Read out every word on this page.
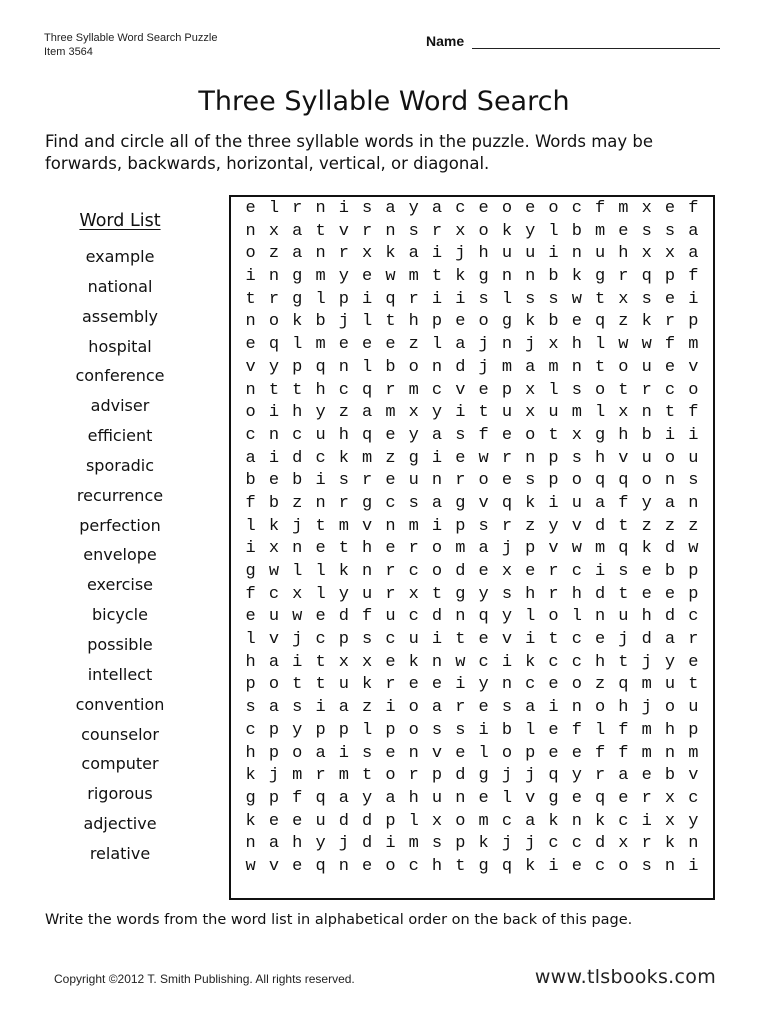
Three Syllable Word Search Puzzle
Item 3564
Name
Three Syllable Word Search
Find and circle all of the three syllable words in the puzzle. Words may be forwards, backwards, horizontal, vertical, or diagonal.
Word List
example
national
assembly
hospital
conference
adviser
efficient
sporadic
recurrence
perfection
envelope
exercise
bicycle
possible
intellect
convention
counselor
computer
rigorous
adjective
relative
e l r n i s a y a c e o e o c f m x e f
n x a t v r n s r x o k y l b m e s s a
o z a n r x k a i j h u u i n u h x x a
i n g m y e w m t k g n n b k g r q p f
t r g l p i q r i i s l s s w t x s e i
n o k b j l t h p e o g k b e q z k r p
e q l m e e e z l a j n j x h l w w f m
v y p q n l b o n d j m a m n t o u e v
n t t h c q r m c v e p x l s o t r c o
o i h y z a m x y i t u x u m l x n t f
c n c u h q e y a s f e o t x g h b i i
a i d c k m z g i e w r n p s h v u o u
b e b i s r e u n r o e s p o q q o n s
f b z n r g c s a g v q k i u a f y a n
l k j t m v n m i p s r z y v d t z z z
i x n e t h e r o m a j p v w m q k d w
g w l l k n r c o d e x e r c i s e b p
f c x l y u r x t g y s h r h d t e e p
e u w e d f u c d n q y l o l n u h d c
l v j c p s c u i t e v i t c e j d a r
h a i t x x e k n w c i k c c h t j y e
p o t t u k r e e i y n c e o z q m u t
s a s i a z i o a r e s a i n o h j o u
c p y p p l p o s s i b l e f l f m h p
h p o a i s e n v e l o p e e f f m n m
k j m r m t o r p d g j j q y r a e b v
g p f q a y a h u n e l v g e q e r x c
k e e u d d p l x o m c a k n k c i x y
n a h y j d i m s p k j j c c d x r k n
w v e q n e o c h t g q k i e c o s n i
Write the words from the word list in alphabetical order on the back of this page.
Copyright ©2012 T. Smith Publishing. All rights reserved.	www.tlsbooks.com
